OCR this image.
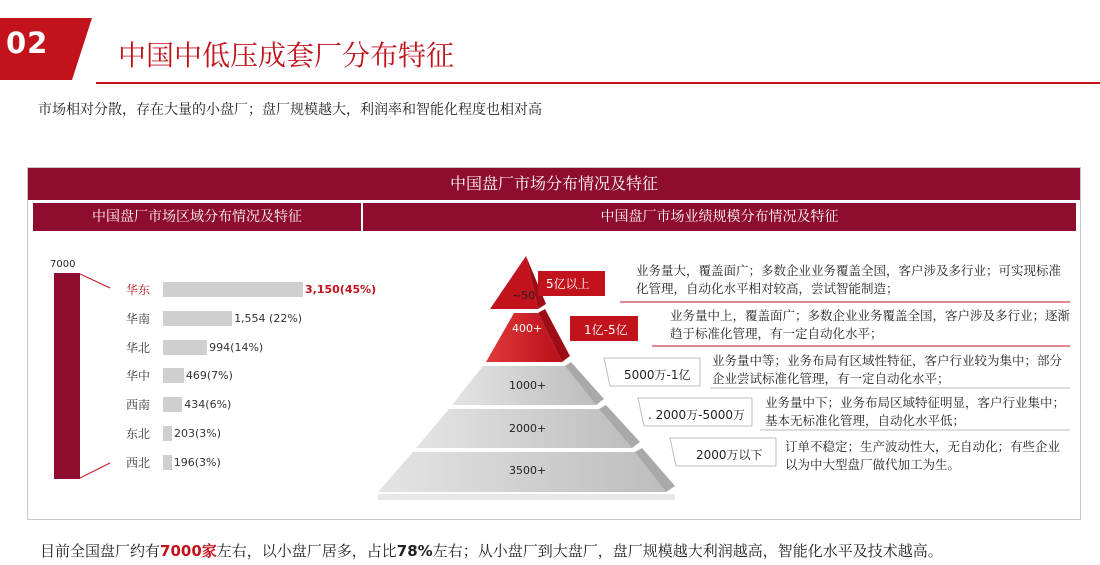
02 中国中低压成套厂分布特征
市场相对分散，存在大量的小盘厂；盘厂规模越大，利润率和智能化程度也相对高
中国盘厂市场分布情况及特征
中国盘厂市场区域分布情况及特征	中国盘厂市场业绩规模分布情况及特征
7000
~50
400+
1000+
2000+
3500+
5亿以上
1亿-5亿
5000万-1亿
. 2000万-5000万
2000万以下
业务量大，覆盖面广；多数企业业务覆盖全国，客户涉及多行业；可实现标准化管理，自动化水平相对较高，尝试智能制造；
业务量中上，覆盖面广；多数企业业务覆盖全国，客户涉及多行业；逐渐趋于标准化管理，有一定自动化水平；
业务量中等；业务布局有区域性特征，客户行业较为集中；部分企业尝试标准化管理，有一定自动化水平；
业务量中下；业务布局区域特征明显，客户行业集中；基本无标准化管理，自动化水平低；
订单不稳定；生产波动性大，无自动化；有些企业以为中大型盘厂做代加工为生。
目前全国盘厂约有7000家左右，以小盘厂居多，占比78%左右；从小盘厂到大盘厂，盘厂规模越大利润越高，智能化水平及技术越高。
华东	3,150(45%)
华南	1,554 (22%)
华北	994(14%)
华中	469(7%)
西南	434(6%)
东北 203(3%)
西北 196(3%)
